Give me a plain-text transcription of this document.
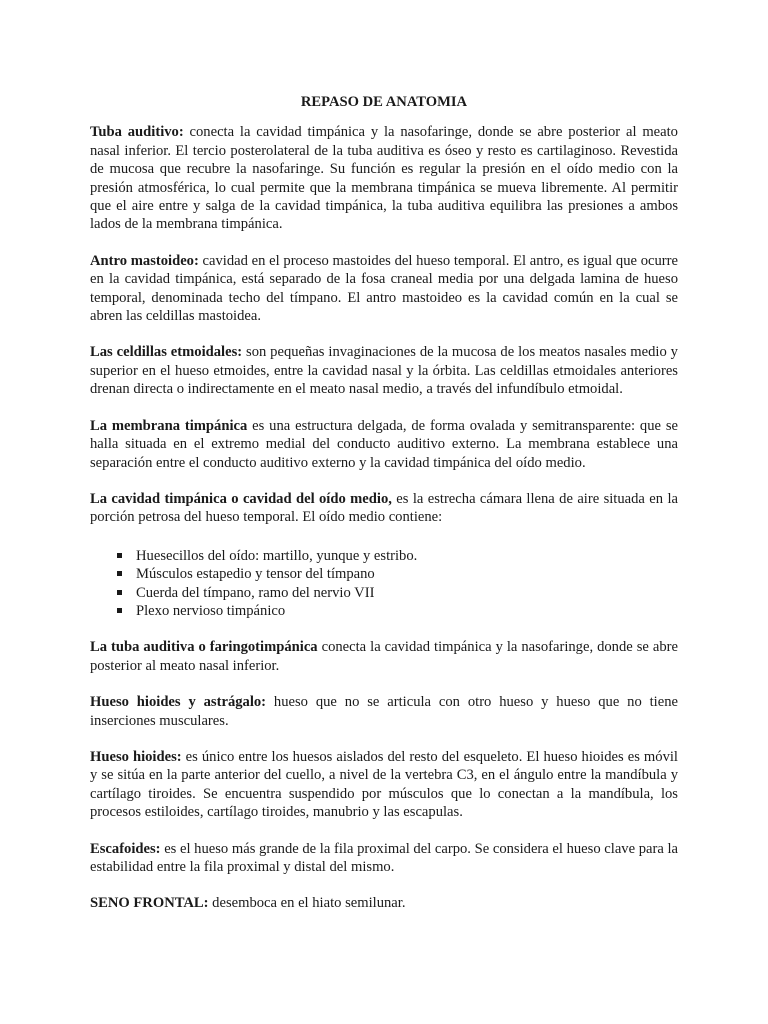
REPASO DE ANATOMIA

Tuba auditivo: conecta la cavidad timpánica y la nasofaringe, donde se abre posterior al meato nasal inferior. El tercio posterolateral de la tuba auditiva es óseo y resto es cartilaginoso. Revestida de mucosa que recubre la nasofaringe. Su función es regular la presión en el oído medio con la presión atmosférica, lo cual permite que la membrana timpánica se mueva libremente. Al permitir que el aire entre y salga de la cavidad timpánica, la tuba auditiva equilibra las presiones a ambos lados de la membrana timpánica.

Antro mastoideo: cavidad en el proceso mastoides del hueso temporal. El antro, es igual que ocurre en la cavidad timpánica, está separado de la fosa craneal media por una delgada lamina de hueso temporal, denominada techo del tímpano. El antro mastoideo es la cavidad común en la cual se abren las celdillas mastoidea.

Las celdillas etmoidales: son pequeñas invaginaciones de la mucosa de los meatos nasales medio y superior en el hueso etmoides, entre la cavidad nasal y la órbita. Las celdillas etmoidales anteriores drenan directa o indirectamente en el meato nasal medio, a través del infundíbulo etmoidal.

La membrana timpánica es una estructura delgada, de forma ovalada y semitransparente: que se halla situada en el extremo medial del conducto auditivo externo. La membrana establece una separación entre el conducto auditivo externo y la cavidad timpánica del oído medio.

La cavidad timpánica o cavidad del oído medio, es la estrecha cámara llena de aire situada en la porción petrosa del hueso temporal. El oído medio contiene:

Huesecillos del oído: martillo, yunque y estribo.
Músculos estapedio y tensor del tímpano
Cuerda del tímpano, ramo del nervio VII
Plexo nervioso timpánico

La tuba auditiva o faringotimpánica conecta la cavidad timpánica y la nasofaringe, donde se abre posterior al meato nasal inferior.

Hueso hioides y astrágalo: hueso que no se articula con otro hueso y hueso que no tiene inserciones musculares.

Hueso hioides: es único entre los huesos aislados del resto del esqueleto. El hueso hioides es móvil y se sitúa en la parte anterior del cuello, a nivel de la vertebra C3, en el ángulo entre la mandíbula y cartílago tiroides. Se encuentra suspendido por músculos que lo conectan a la mandíbula, los procesos estiloides, cartílago tiroides, manubrio y las escapulas.

Escafoides: es el hueso más grande de la fila proximal del carpo. Se considera el hueso clave para la estabilidad entre la fila proximal y distal del mismo.

SENO FRONTAL: desemboca en el hiato semilunar.
